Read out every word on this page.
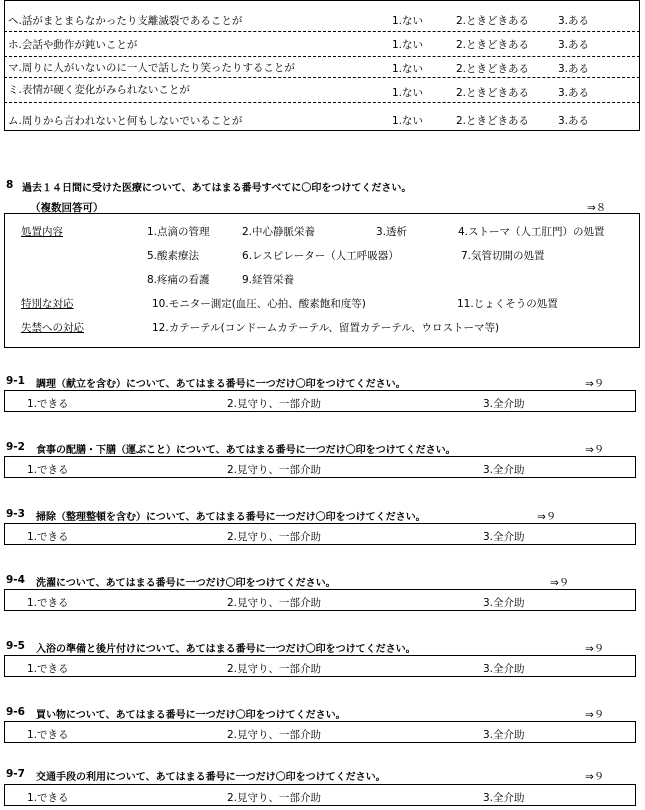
ヘ.話がまとまらなかったり支離滅裂であることが	1.ない	2.ときどきある	3.ある
ホ.会話や動作が鈍いことが	1.ない	2.ときどきある	3.ある
マ.周りに人がいないのに一人で話したり笑ったりすることが	1.ない	2.ときどきある	3.ある
ミ.表情が硬く変化がみられないことが	1.ない	2.ときどきある	3.ある
ム.周りから言われないと何もしないでいることが	1.ない	2.ときどきある	3.ある
8 過去１４日間に受けた医療について、あてはまる番号すべてに〇印をつけてください。
（複数回答可）	⇒８
処置内容	1.点滴の管理	2.中心静脈栄養	3.透析	4.ストーマ（人工肛門）の処置
5.酸素療法	6.レスピレーター（人工呼吸器）	7.気管切開の処置
8.疼痛の看護	9.経管栄養
特別な対応	10.モニター測定(血圧、心拍、酸素飽和度等)	11.じょくそうの処置
失禁への対応	12.カテーテル(コンドームカテーテル、留置カテーテル、ウロストーマ等)
9-1 調理（献立を含む）について、あてはまる番号に一つだけ〇印をつけてください。	⇒９
1.できる	2.見守り、一部介助	3.全介助
9-2 食事の配膳・下膳（運ぶこと）について、あてはまる番号に一つだけ〇印をつけてください。	⇒９
1.できる	2.見守り、一部介助	3.全介助
9-3 掃除（整理整頓を含む）について、あてはまる番号に一つだけ〇印をつけてください。	⇒９
1.できる	2.見守り、一部介助	3.全介助
9-4 洗濯について、あてはまる番号に一つだけ〇印をつけてください。	⇒９
1.できる	2.見守り、一部介助	3.全介助
9-5 入浴の準備と後片付けについて、あてはまる番号に一つだけ〇印をつけてください。	⇒９
1.できる	2.見守り、一部介助	3.全介助
9-6 買い物について、あてはまる番号に一つだけ〇印をつけてください。	⇒９
1.できる	2.見守り、一部介助	3.全介助
9-7 交通手段の利用について、あてはまる番号に一つだけ〇印をつけてください。	⇒９
1.できる	2.見守り、一部介助	3.全介助
